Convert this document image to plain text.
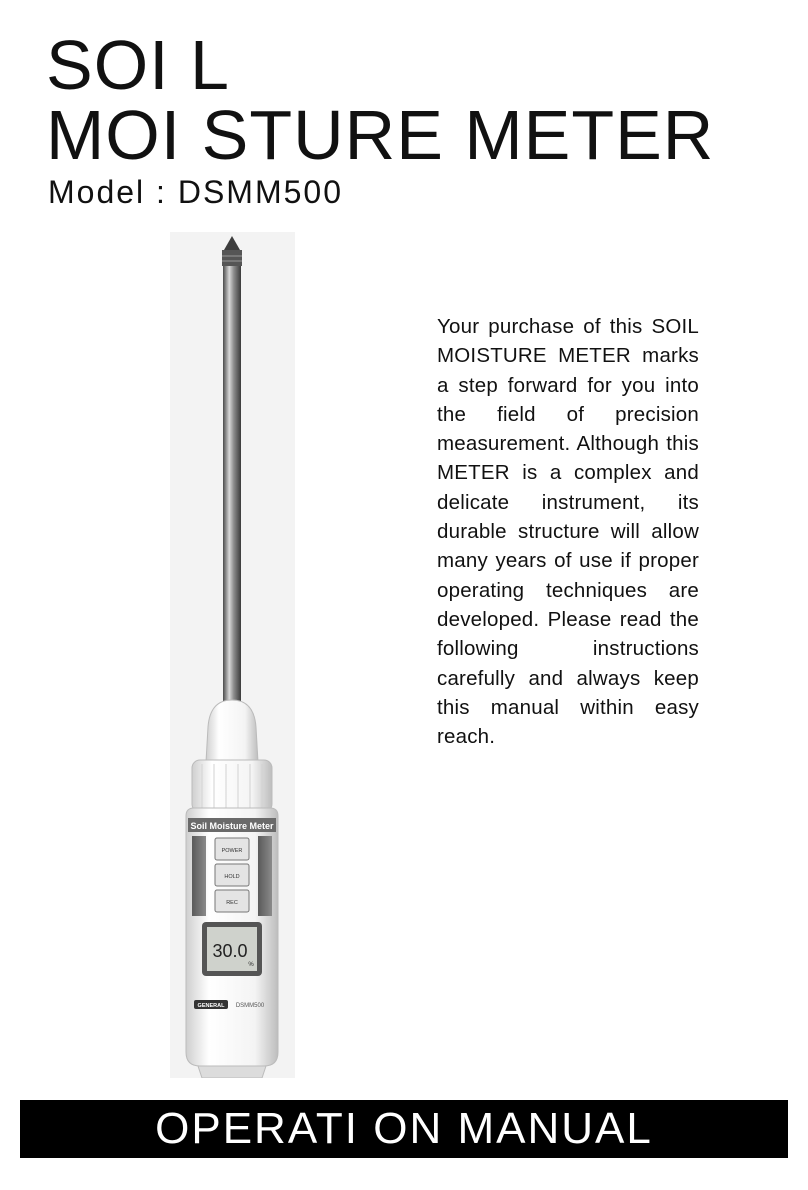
SOI L
MOI STURE METER
Model : DSMM500
Soil Moisture Meter
POWER
HOLD
REC
30.0
%
GENERAL DSMM500
Your purchase of this SOIL MOISTURE METER marks a step forward for you into the field of precision measurement. Although this METER is a complex and delicate instrument, its durable structure will allow many years of use if proper operating techniques are developed. Please read the following instructions carefully and always keep this manual within easy reach.
OPERATI ON MANUAL
